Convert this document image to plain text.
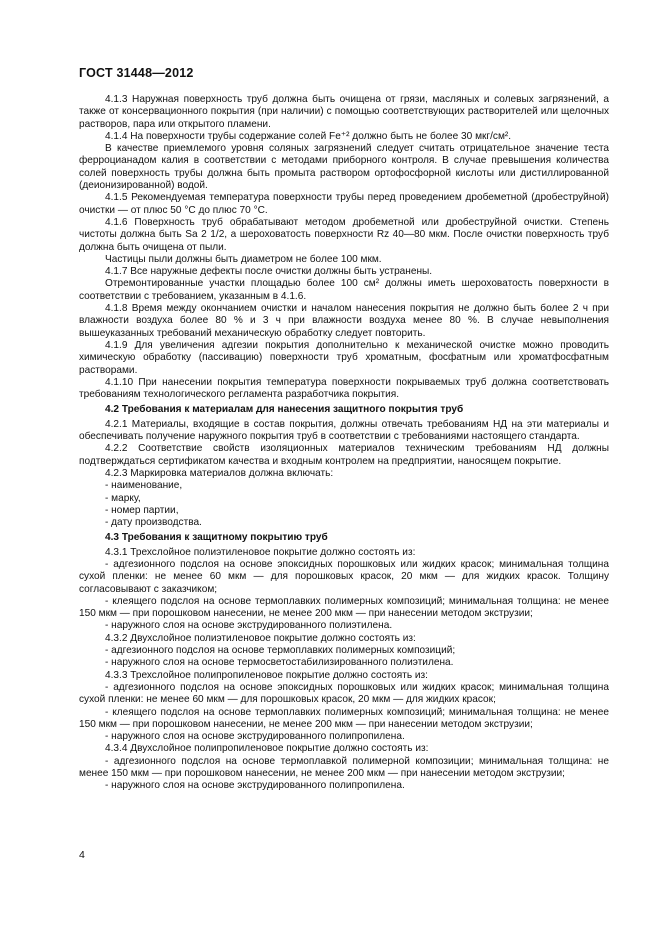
ГОСТ 31448—2012

4.1.3 Наружная поверхность труб должна быть очищена от грязи, масляных и солевых загрязнений, а также от консервационного покрытия (при наличии) с помощью соответствующих растворителей или щелочных растворов, пара или открытого пламени.

4.1.4 На поверхности трубы содержание солей Fe⁺² должно быть не более 30 мкг/см².

В качестве приемлемого уровня соляных загрязнений следует считать отрицательное значение теста ферроцианадом калия в соответствии с методами приборного контроля. В случае превышения количества солей поверхность трубы должна быть промыта раствором ортофосфорной кислоты или дистиллированной (деионизированной) водой.

4.1.5 Рекомендуемая температура поверхности трубы перед проведением дробеметной (дробеструйной) очистки — от плюс 50 °С до плюс 70 °С.

4.1.6 Поверхность труб обрабатывают методом дробеметной или дробеструйной очистки. Степень чистоты должна быть Sa 2 1/2, а шероховатость поверхности Rz 40—80 мкм. После очистки поверхность труб должна быть очищена от пыли.

Частицы пыли должны быть диаметром не более 100 мкм.

4.1.7 Все наружные дефекты после очистки должны быть устранены.

Отремонтированные участки площадью более 100 см² должны иметь шероховатость поверхности в соответствии с требованием, указанным в 4.1.6.

4.1.8 Время между окончанием очистки и началом нанесения покрытия не должно быть более 2 ч при влажности воздуха более 80 % и 3 ч при влажности воздуха менее 80 %. В случае невыполнения вышеуказанных требований механическую обработку следует повторить.

4.1.9 Для увеличения адгезии покрытия дополнительно к механической очистке можно проводить химическую обработку (пассивацию) поверхности труб хроматным, фосфатным или хроматфосфатным растворами.

4.1.10 При нанесении покрытия температура поверхности покрываемых труб должна соответствовать требованиям технологического регламента разработчика покрытия.

4.2 Требования к материалам для нанесения защитного покрытия труб

4.2.1 Материалы, входящие в состав покрытия, должны отвечать требованиям НД на эти материалы и обеспечивать получение наружного покрытия труб в соответствии с требованиями настоящего стандарта.

4.2.2 Соответствие свойств изоляционных материалов техническим требованиям НД должны подтверждаться сертификатом качества и входным контролем на предприятии, наносящем покрытие.

4.2.3 Маркировка материалов должна включать:

- наименование,

- марку,

- номер партии,

- дату производства.

4.3 Требования к защитному покрытию труб

4.3.1 Трехслойное полиэтиленовое покрытие должно состоять из:

- адгезионного подслоя на основе эпоксидных порошковых или жидких красок; минимальная толщина сухой пленки: не менее 60 мкм — для порошковых красок, 20 мкм — для жидких красок. Толщину согласовывают с заказчиком;

- клеящего подслоя на основе термоплавких полимерных композиций; минимальная толщина: не менее 150 мкм — при порошковом нанесении, не менее 200 мкм — при нанесении методом экструзии;

- наружного слоя на основе экструдированного полиэтилена.

4.3.2 Двухслойное полиэтиленовое покрытие должно состоять из:

- адгезионного подслоя на основе термоплавких полимерных композиций;

- наружного слоя на основе термосветостабилизированного полиэтилена.

4.3.3 Трехслойное полипропиленовое покрытие должно состоять из:

- адгезионного подслоя на основе эпоксидных порошковых или жидких красок; минимальная толщина сухой пленки: не менее 60 мкм — для порошковых красок, 20 мкм — для жидких красок;

- клеящего подслоя на основе термоплавких полимерных композиций; минимальная толщина: не менее 150 мкм — при порошковом нанесении, не менее 200 мкм — при нанесении методом экструзии;

- наружного слоя на основе экструдированного полипропилена.

4.3.4 Двухслойное полипропиленовое покрытие должно состоять из:

- адгезионного подслоя на основе термоплавкой полимерной композиции; минимальная толщина: не менее 150 мкм — при порошковом нанесении, не менее 200 мкм — при нанесении методом экструзии;

- наружного слоя на основе экструдированного полипропилена.

4
